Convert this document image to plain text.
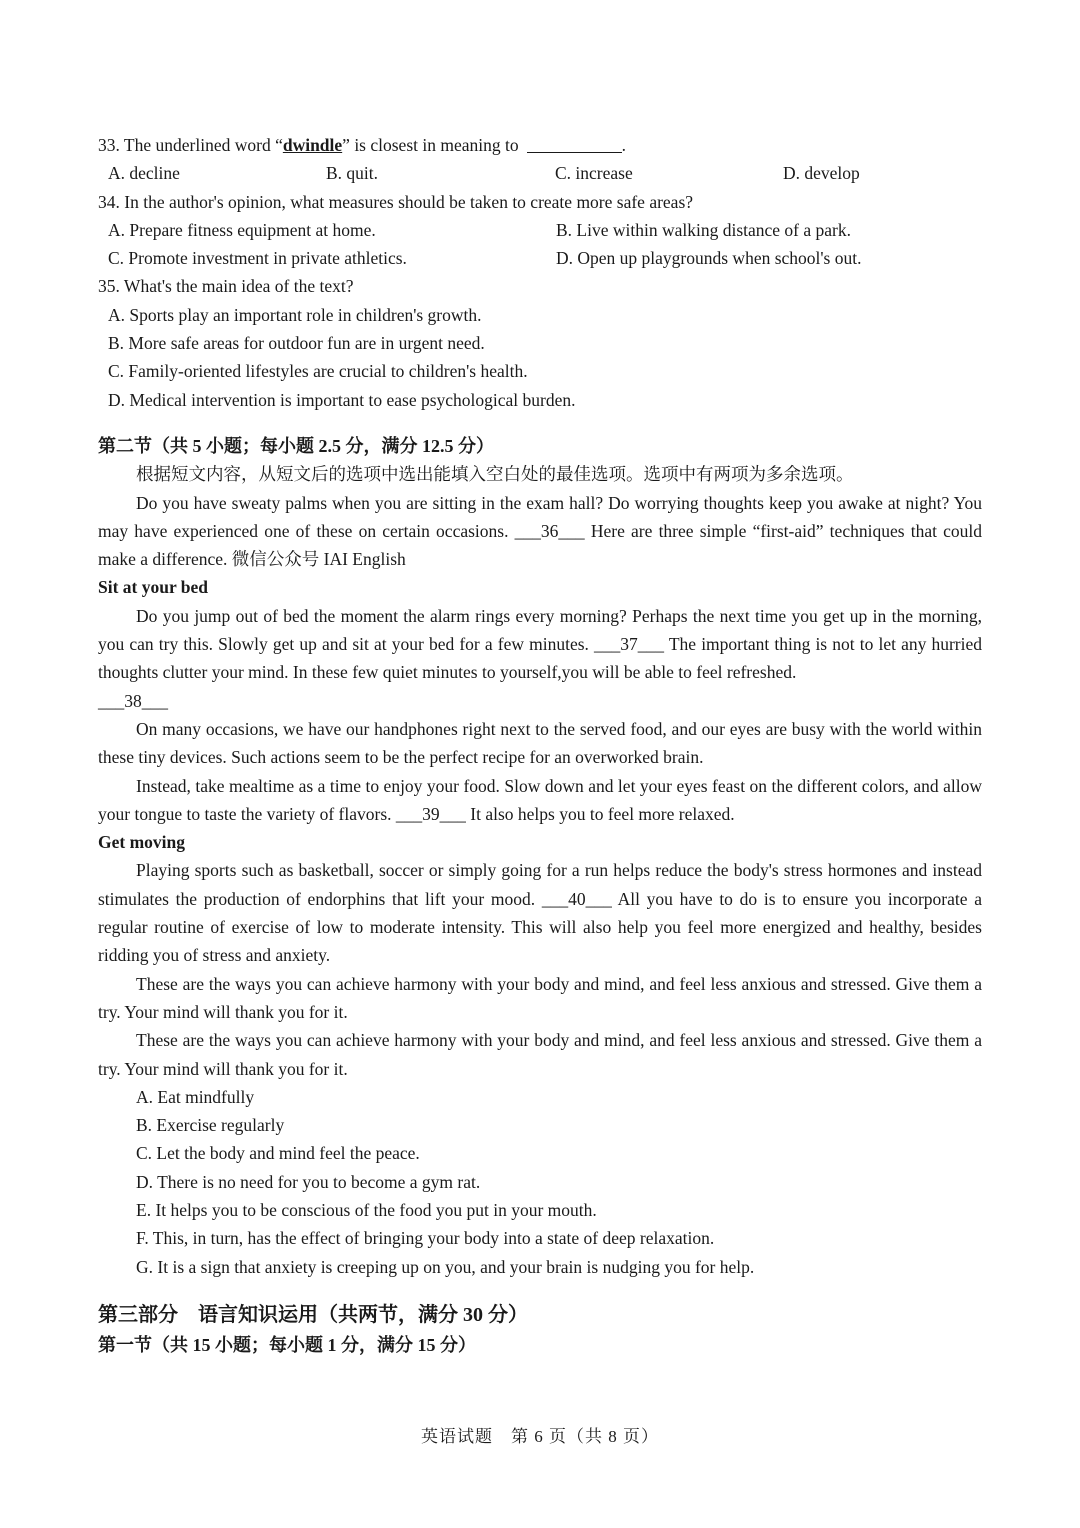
33. The underlined word “dwindle” is closest in meaning to	.
A. decline	B. quit.	C. increase	D. develop
34. In the author's opinion, what measures should be taken to create more safe areas?
A. Prepare fitness equipment at home.	B. Live within walking distance of a park.
C. Promote investment in private athletics.	D. Open up playgrounds when school's out.
35. What's the main idea of the text?
A. Sports play an important role in children's growth.
B. More safe areas for outdoor fun are in urgent need.
C. Family-oriented lifestyles are crucial to children's health.
D. Medical intervention is important to ease psychological burden.
第二节（共 5 小题；每小题 2.5 分，满分 12.5 分）
根据短文内容，从短文后的选项中选出能填入空白处的最佳选项。选项中有两项为多余选项。
Do you have sweaty palms when you are sitting in the exam hall? Do worrying thoughts keep you awake at night? You may have experienced one of these on certain occasions. ___36___ Here are three simple “first-aid” techniques that could make a difference. 微信公众号 IAI English
Sit at your bed
Do you jump out of bed the moment the alarm rings every morning? Perhaps the next time you get up in the morning, you can try this. Slowly get up and sit at your bed for a few minutes. ___37___ The important thing is not to let any hurried thoughts clutter your mind. In these few quiet minutes to yourself,you will be able to feel refreshed.
___38___
On many occasions, we have our handphones right next to the served food, and our eyes are busy with the world within these tiny devices. Such actions seem to be the perfect recipe for an overworked brain.
Instead, take mealtime as a time to enjoy your food. Slow down and let your eyes feast on the different colors, and allow your tongue to taste the variety of flavors. ___39___ It also helps you to feel more relaxed.
Get moving
Playing sports such as basketball, soccer or simply going for a run helps reduce the body's stress hormones and instead stimulates the production of endorphins that lift your mood. ___40___ All you have to do is to ensure you incorporate a regular routine of exercise of low to moderate intensity. This will also help you feel more energized and healthy, besides ridding you of stress and anxiety.
These are the ways you can achieve harmony with your body and mind, and feel less anxious and stressed. Give them a try. Your mind will thank you for it.
These are the ways you can achieve harmony with your body and mind, and feel less anxious and stressed. Give them a try. Your mind will thank you for it.
A. Eat mindfully
B. Exercise regularly
C. Let the body and mind feel the peace.
D. There is no need for you to become a gym rat.
E. It helps you to be conscious of the food you put in your mouth.
F. This, in turn, has the effect of bringing your body into a state of deep relaxation.
G. It is a sign that anxiety is creeping up on you, and your brain is nudging you for help.
第三部分　语言知识运用（共两节，满分 30 分）
第一节（共 15 小题；每小题 1 分，满分 15 分）
英语试题　第 6 页（共 8 页）
